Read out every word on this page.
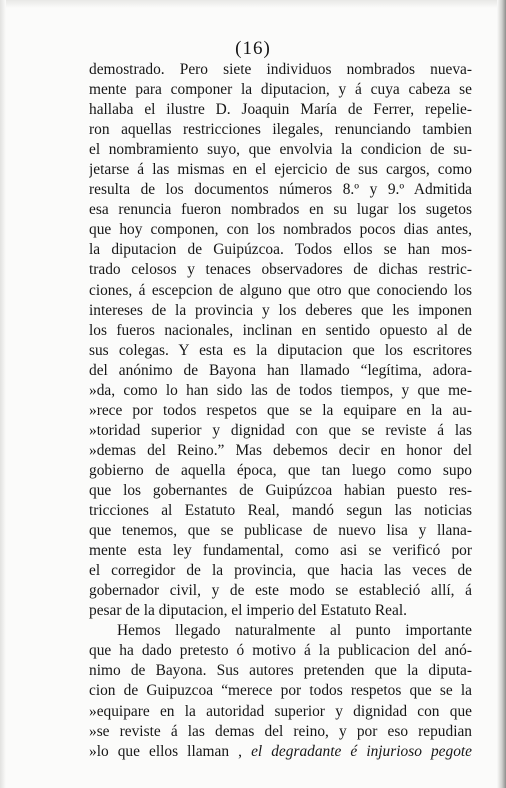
(16)
demostrado. Pero siete individuos nombrados nueva-
mente para componer la diputacion, y á cuya cabeza se
hallaba el ilustre D. Joaquin María de Ferrer, repelie-
ron aquellas restricciones ilegales, renunciando tambien
el nombramiento suyo, que envolvia la condicion de su-
jetarse á las mismas en el ejercicio de sus cargos, como
resulta de los documentos números 8.º y 9.º Admitida
esa renuncia fueron nombrados en su lugar los sugetos
que hoy componen, con los nombrados pocos dias antes,
la diputacion de Guipúzcoa. Todos ellos se han mos-
trado celosos y tenaces observadores de dichas restric-
ciones, á escepcion de alguno que otro que conociendo los
intereses de la provincia y los deberes que les imponen
los fueros nacionales, inclinan en sentido opuesto al de
sus colegas. Y esta es la diputacion que los escritores
del anónimo de Bayona han llamado “legítima, adora-
»da, como lo han sido las de todos tiempos, y que me-
»rece por todos respetos que se la equipare en la au-
»toridad superior y dignidad con que se reviste á las
»demas del Reino.” Mas debemos decir en honor del
gobierno de aquella época, que tan luego como supo
que los gobernantes de Guipúzcoa habian puesto res-
tricciones al Estatuto Real, mandó segun las noticias
que tenemos, que se publicase de nuevo lisa y llana-
mente esta ley fundamental, como asi se verificó por
el corregidor de la provincia, que hacia las veces de
gobernador civil, y de este modo se estableció allí, á
pesar de la diputacion, el imperio del Estatuto Real.
Hemos llegado naturalmente al punto importante
que ha dado pretesto ó motivo á la publicacion del anó-
nimo de Bayona. Sus autores pretenden que la diputa-
cion de Guipuzcoa “merece por todos respetos que se la
»equipare en la autoridad superior y dignidad con que
»se reviste á las demas del reino, y por eso repudian
»lo que ellos llaman , el degradante é injurioso pegote
